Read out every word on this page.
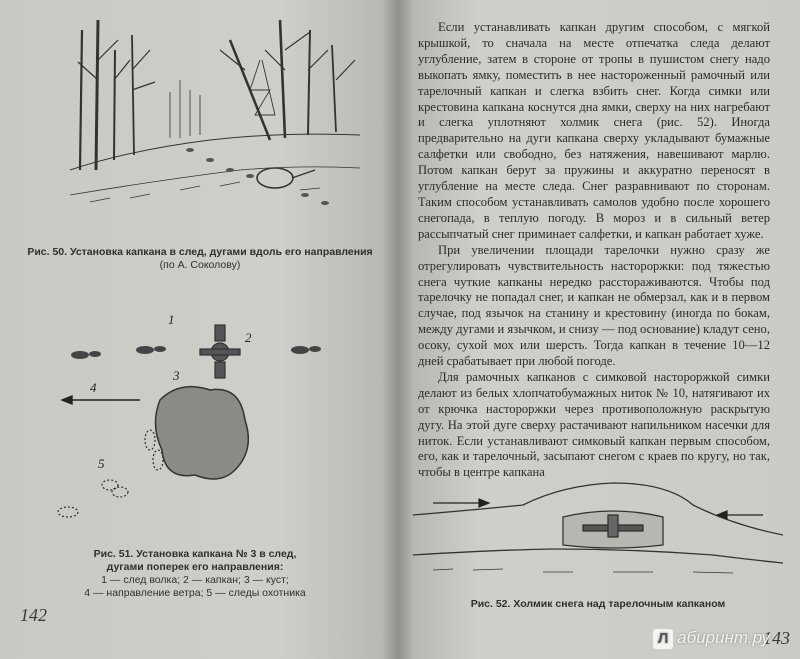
Рис. 50. Установка капкана в след, дугами вдоль его направления
(по А. Соколову)
1
2
3
4
5
Рис. 51. Установка капкана № 3 в след,
дугами поперек его направления:
1 — след волка; 2 — капкан; 3 — куст;
4 — направление ветра; 5 — следы охотника
142

Если устанавливать капкан другим способом, с мягкой крышкой, то сначала на месте отпечатка следа делают углубление, затем в стороне от тропы в пушистом снегу надо выкопать ямку, поместить в нее настороженный рамочный или тарелочный капкан и слегка взбить снег. Когда симки или крестовина капкана коснутся дна ямки, сверху на них нагребают и слегка уплотняют холмик снега (рис. 52). Иногда предварительно на дуги капкана сверху укладывают бумажные салфетки или свободно, без натяжения, навешивают марлю. Потом капкан берут за пружины и аккуратно переносят в углубление на месте следа. Снег разравнивают по сторонам. Таким способом устанавливать самолов удобно после хорошего снегопада, в теплую погоду. В мороз и в сильный ветер рассыпчатый снег приминает салфетки, и капкан работает хуже.

При увеличении площади тарелочки нужно сразу же отрегулировать чувствительность настороржки: под тяжестью снега чуткие капканы нередко расстораживаются. Чтобы под тарелочку не попадал снег, и капкан не обмерзал, как и в первом случае, под язычок на станину и крестовину (иногда по бокам, между дугами и язычком, и снизу — под основание) кладут сено, осоку, сухой мох или шерсть. Тогда капкан в течение 10—12 дней срабатывает при любой погоде.

Для рамочных капканов с симковой настороржкой симки делают из белых хлопчатобумажных ниток № 10, натягивают их от крючка настороржки через противоположную раскрытую дугу. На этой дуге сверху растачивают напильником насечки для ниток. Если устанавливают симковый капкан первым способом, его, как и тарелочный, засыпают снегом с краев по кругу, но так, чтобы в центре капкана

Рис. 52. Холмик снега над тарелочным капканом
143
Л абиринт.ру
